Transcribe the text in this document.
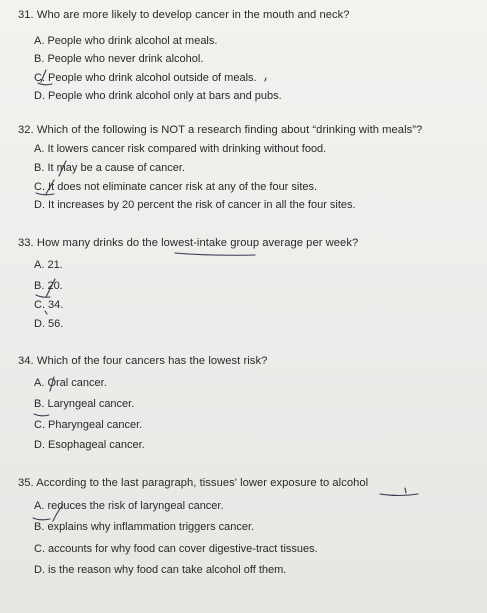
31. Who are more likely to develop cancer in the mouth and neck?
A. People who drink alcohol at meals.
B. People who never drink alcohol.
C. People who drink alcohol outside of meals.
D. People who drink alcohol only at bars and pubs.
32. Which of the following is NOT a research finding about “drinking with meals”?
A. It lowers cancer risk compared with drinking without food.
B. It may be a cause of cancer.
C. It does not eliminate cancer risk at any of the four sites.
D. It increases by 20 percent the risk of cancer in all the four sites.
33. How many drinks do the lowest-intake group average per week?
A. 21.
B. 20.
C. 34.
D. 56.
34. Which of the four cancers has the lowest risk?
A. Oral cancer.
B. Laryngeal cancer.
C. Pharyngeal cancer.
D. Esophageal cancer.
35. According to the last paragraph, tissues' lower exposure to alcohol
A. reduces the risk of laryngeal cancer.
B. explains why inflammation triggers cancer.
C. accounts for why food can cover digestive-tract tissues.
D. is the reason why food can take alcohol off them.
